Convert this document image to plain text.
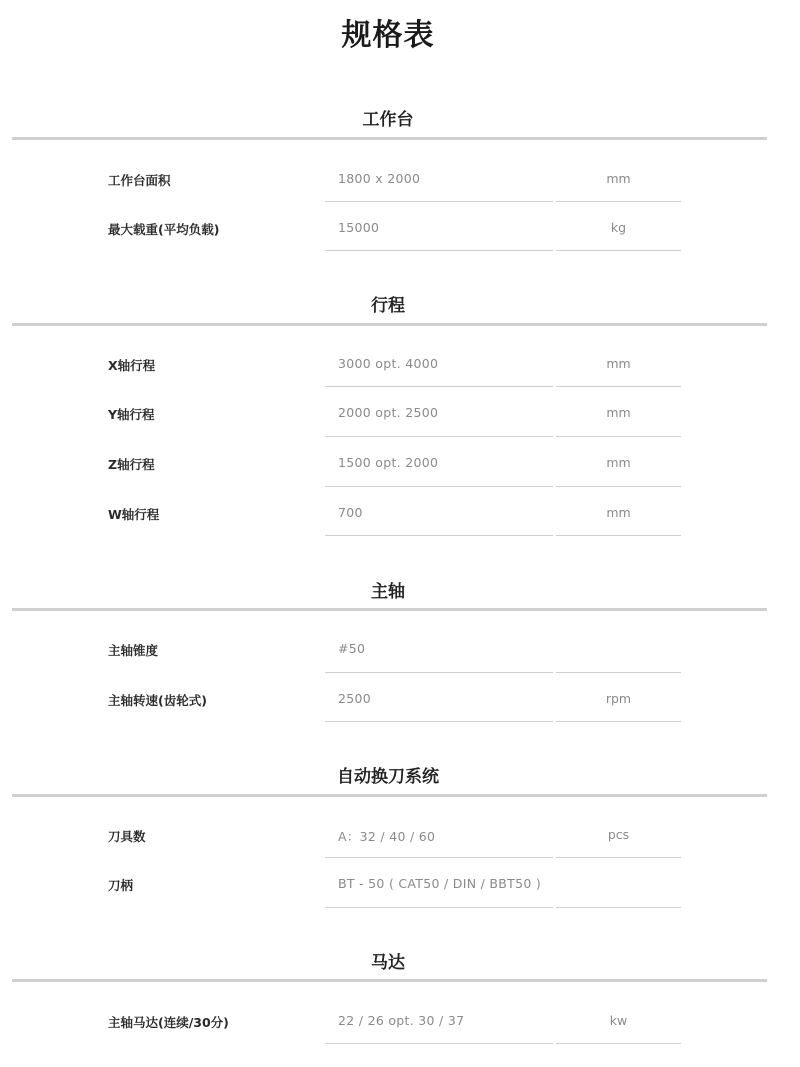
规格表
工作台
工作台面积	1800 x 2000	mm
最大载重(平均负载)	15000	kg
行程
X轴行程	3000 opt. 4000	mm
Y轴行程	2000 opt. 2500	mm
Z轴行程	1500 opt. 2000	mm
W轴行程	700	mm
主轴
主轴锥度	#50
主轴转速(齿轮式)	2500	rpm
自动换刀系统
刀具数	A：32 / 40 / 60	pcs
刀柄	BT - 50 ( CAT50 / DIN / BBT50 )
马达
主轴马达(连续/30分)	22 / 26 opt. 30 / 37	kw
